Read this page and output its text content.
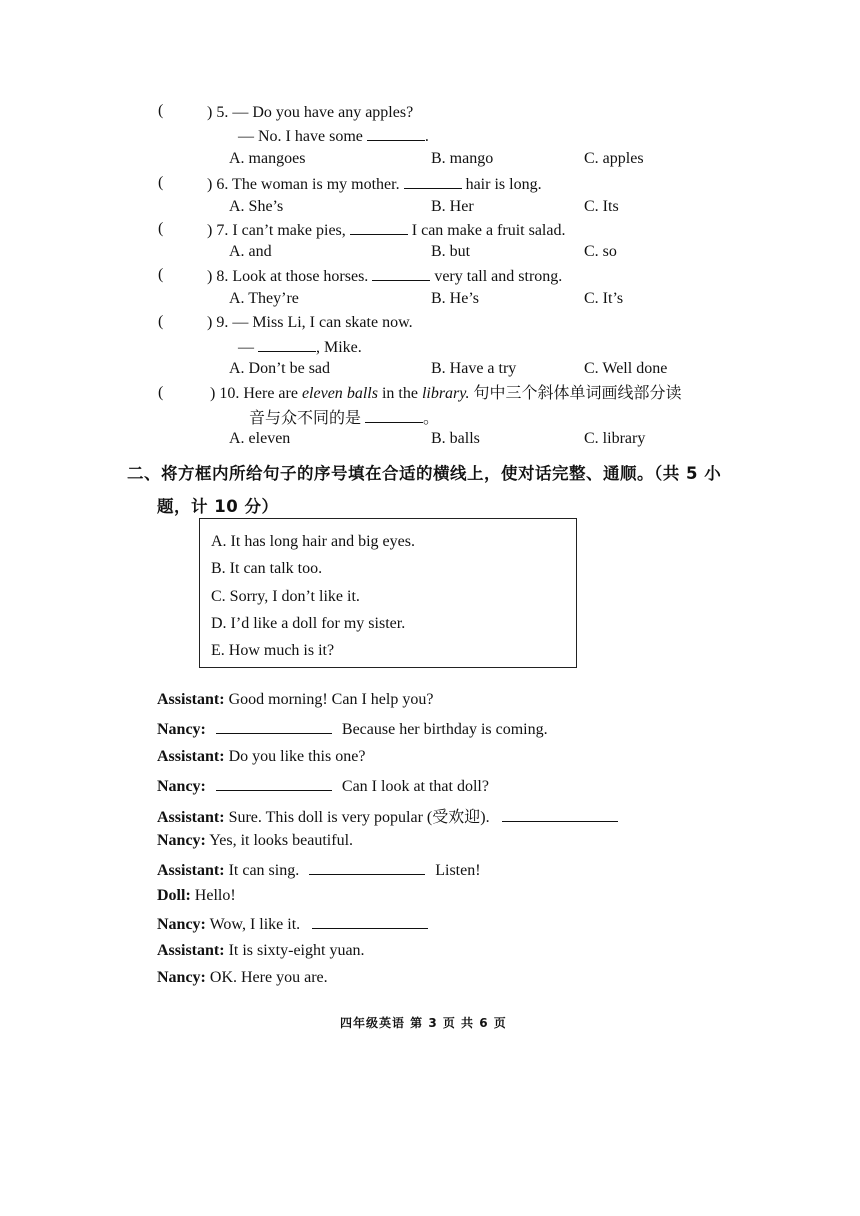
(	) 5. — Do you have any apples?
— No. I have some	.
A. mangoes	B. mango	C. apples
(	) 6. The woman is my mother.	hair is long.
A. She’s	B. Her	C. Its
(	) 7. I can’t make pies,	I can make a fruit salad.
A. and	B. but	C. so
(	) 8. Look at those horses.	very tall and strong.
A. They’re	B. He’s	C. It’s
(	) 9. — Miss Li, I can skate now.
—	, Mike.
A. Don’t be sad	B. Have a try	C. Well done
(	) 10. Here are eleven balls in the library. 句中三个斜体单词画线部分读
音与众不同的是	。
A. eleven	B. balls	C. library
二、将方框内所给句子的序号填在合适的横线上，使对话完整、通顺。（共 5 小
题，计 10 分）
A. It has long hair and big eyes.
B. It can talk too.
C. Sorry, I don’t like it.
D. I’d like a doll for my sister.
E. How much is it?
Assistant: Good morning! Can I help you?
Nancy:	Because her birthday is coming.
Assistant: Do you like this one?
Nancy:	Can I look at that doll?
Assistant: Sure. This doll is very popular (受欢迎).
Nancy: Yes, it looks beautiful.
Assistant: It can sing.	Listen!
Doll: Hello!
Nancy: Wow, I like it.
Assistant: It is sixty-eight yuan.
Nancy: OK. Here you are.
四年级英语 第 3 页 共 6 页
